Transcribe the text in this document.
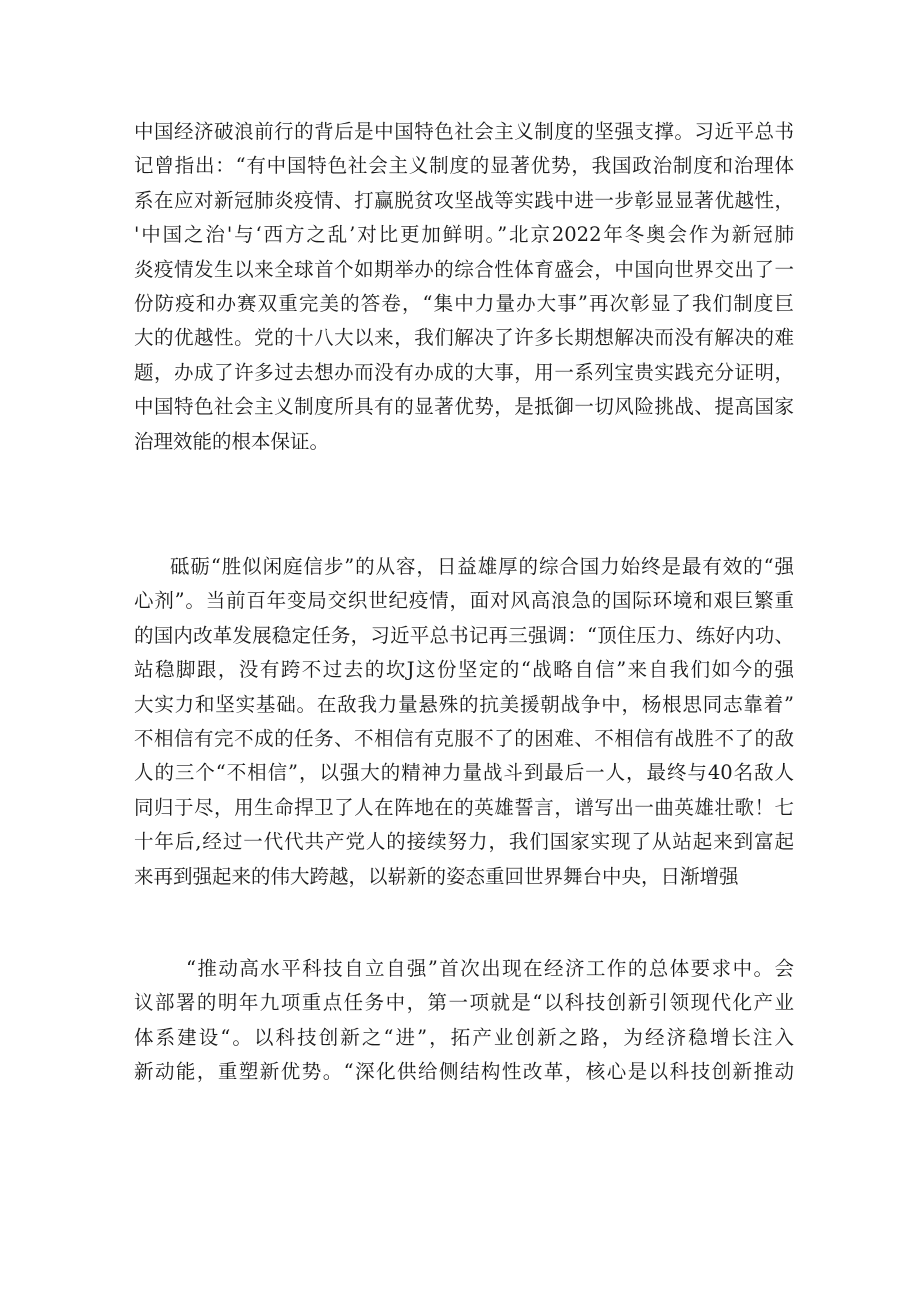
中国经济破浪前行的背后是中国特色社会主义制度的坚强支撑。习近平总书
记曾指出：“有中国特色社会主义制度的显著优势，我国政治制度和治理体
系在应对新冠肺炎疫情、打赢脱贫攻坚战等实践中进一步彰显显著优越性，
'中国之治'与‘西方之乱’对比更加鲜明。”北京2022年冬奥会作为新冠肺
炎疫情发生以来全球首个如期举办的综合性体育盛会，中国向世界交出了一
份防疫和办赛双重完美的答卷，“集中力量办大事”再次彰显了我们制度巨
大的优越性。党的十八大以来，我们解决了许多长期想解决而没有解决的难
题，办成了许多过去想办而没有办成的大事，用一系列宝贵实践充分证明，
中国特色社会主义制度所具有的显著优势，是抵御一切风险挑战、提高国家
治理效能的根本保证。
砥砺“胜似闲庭信步”的从容，日益雄厚的综合国力始终是最有效的“强
心剂”。当前百年变局交织世纪疫情，面对风高浪急的国际环境和艰巨繁重
的国内改革发展稳定任务，习近平总书记再三强调：“顶住压力、练好内功、
站稳脚跟，没有跨不过去的坎J这份坚定的“战略自信”来自我们如今的强
大实力和坚实基础。在敌我力量悬殊的抗美援朝战争中，杨根思同志靠着”
不相信有完不成的任务、不相信有克服不了的困难、不相信有战胜不了的敌
人的三个“不相信”，以强大的精神力量战斗到最后一人，最终与40名敌人
同归于尽，用生命捍卫了人在阵地在的英雄誓言，谱写出一曲英雄壮歌！七
十年后,经过一代代共产党人的接续努力，我们国家实现了从站起来到富起
来再到强起来的伟大跨越，以崭新的姿态重回世界舞台中央，日渐增强
“推动高水平科技自立自强”首次出现在经济工作的总体要求中。会
议部署的明年九项重点任务中，第一项就是“以科技创新引领现代化产业
体系建设“。以科技创新之“进”，拓产业创新之路，为经济稳增长注入
新动能，重塑新优势。“深化供给侧结构性改革，核心是以科技创新推动
